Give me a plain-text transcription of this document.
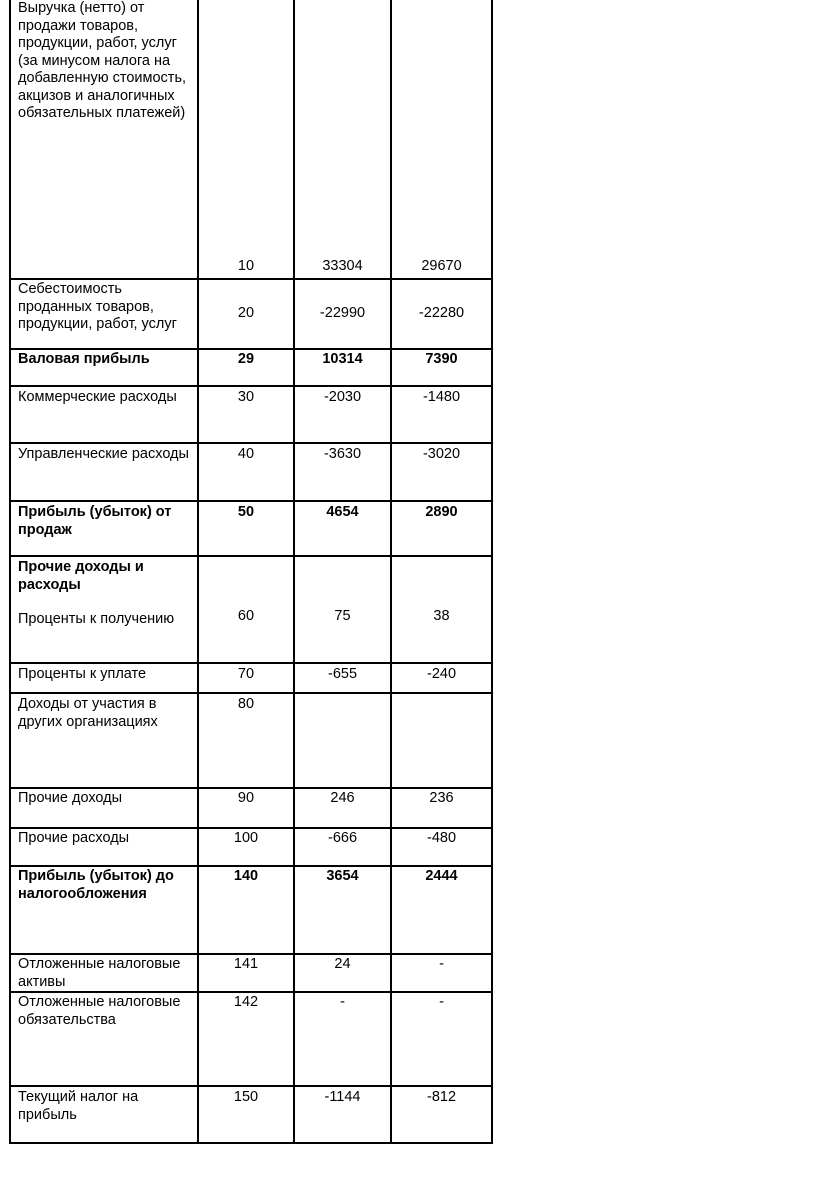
Выручка (нетто) от продажи товаров, продукции, работ, услуг (за минусом налога на добавленную стоимость, акцизов и аналогичных обязательных платежей)	10	33304	29670
Себестоимость проданных товаров, продукции, работ, услуг	20	-22990	-22280
Валовая прибыль	29	10314	7390
Коммерческие расходы	30	-2030	-1480
Управленческие расходы	40	-3630	-3020
Прибыль (убыток) от продаж	50	4654	2890

Прочие доходы и расходы
Проценты к получению	60	75	38
Проценты к уплате	70	-655	-240
Доходы от участия в других организациях	80		
Прочие доходы	90	246	236
Прочие расходы	100	-666	-480
Прибыль (убыток) до налогообложения	140	3654	2444
Отложенные налоговые активы	141	24	-
Отложенные налоговые обязательства	142	-	-
Текущий налог на прибыль	150	-1144	-812
